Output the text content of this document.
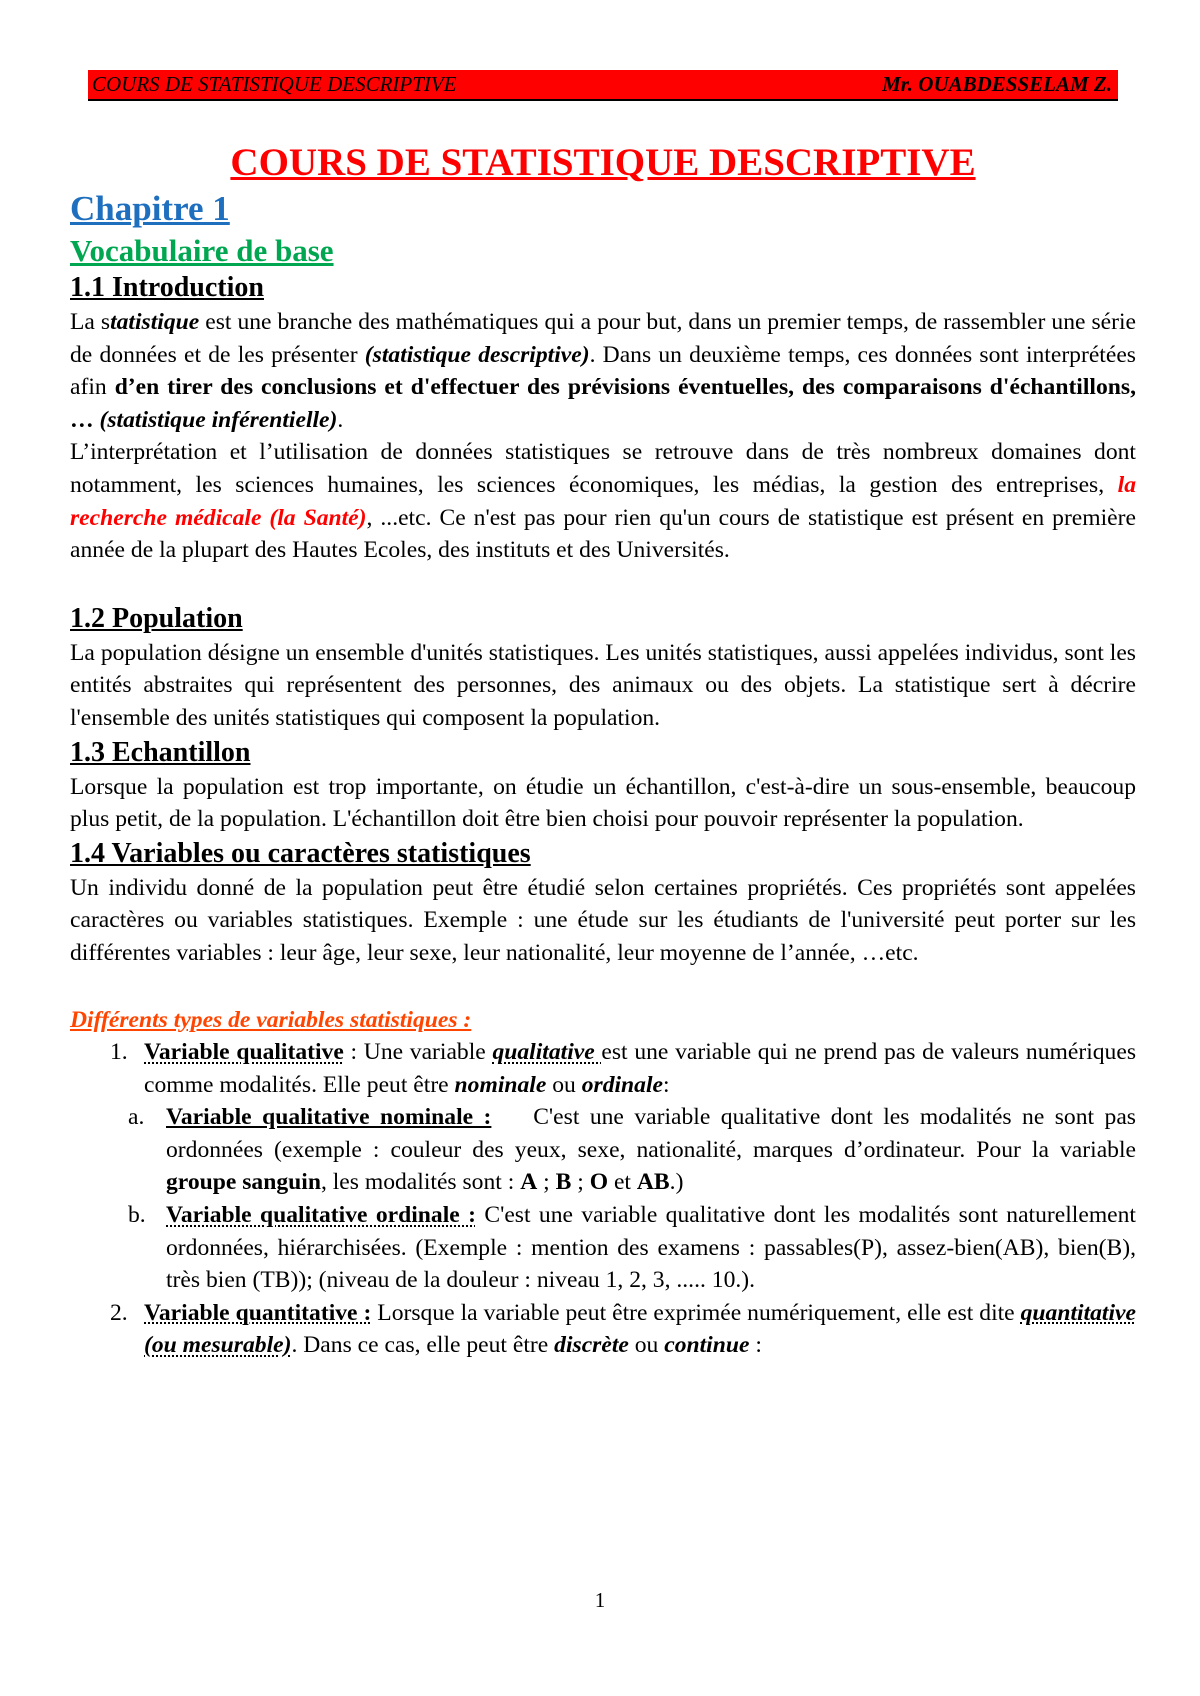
COURS DE STATISTIQUE DESCRIPTIVE	Mr. OUABDESSELAM Z.
COURS DE STATISTIQUE DESCRIPTIVE
Chapitre 1
Vocabulaire de base
1.1 Introduction

La statistique est une branche des mathématiques qui a pour but, dans un premier temps, de rassembler une série de données et de les présenter (statistique descriptive). Dans un deuxième temps, ces données sont interprétées afin d’en tirer des conclusions et d'effectuer des prévisions éventuelles, des comparaisons d'échantillons, … (statistique inférentielle).

L’interprétation et l’utilisation de données statistiques se retrouve dans de très nombreux domaines dont notamment, les sciences humaines, les sciences économiques, les médias, la gestion des entreprises, la recherche médicale (la Santé), ...etc. Ce n'est pas pour rien qu'un cours de statistique est présent en première année de la plupart des Hautes Ecoles, des instituts et des Universités.

1.2 Population

La population désigne un ensemble d'unités statistiques. Les unités statistiques, aussi appelées individus, sont les entités abstraites qui représentent des personnes, des animaux ou des objets. La statistique sert à décrire l'ensemble des unités statistiques qui composent la population.

1.3 Echantillon

Lorsque la population est trop importante, on étudie un échantillon, c'est-à-dire un sous-ensemble, beaucoup plus petit, de la population. L'échantillon doit être bien choisi pour pouvoir représenter la population.

1.4 Variables ou caractères statistiques

Un individu donné de la population peut être étudié selon certaines propriétés. Ces propriétés sont appelées caractères ou variables statistiques. Exemple : une étude sur les étudiants de l'université peut porter sur les différentes variables : leur âge, leur sexe, leur nationalité, leur moyenne de l’année, …etc.

Différents types de variables statistiques :
1. Variable qualitative : Une variable qualitative est une variable qui ne prend pas de valeurs numériques comme modalités. Elle peut être nominale ou ordinale:
a. Variable qualitative nominale :    C'est une variable qualitative dont les modalités ne sont pas ordonnées (exemple : couleur des yeux, sexe, nationalité, marques d’ordinateur. Pour la variable groupe sanguin, les modalités sont : A ; B ; O et AB.)
b. Variable qualitative ordinale : C'est une variable qualitative dont les modalités sont naturellement ordonnées, hiérarchisées. (Exemple : mention des examens : passables(P), assez-bien(AB), bien(B), très bien (TB)); (niveau de la douleur : niveau 1, 2, 3, ..... 10.).
2. Variable quantitative : Lorsque la variable peut être exprimée numériquement, elle est dite quantitative (ou mesurable). Dans ce cas, elle peut être discrète ou continue :
1
